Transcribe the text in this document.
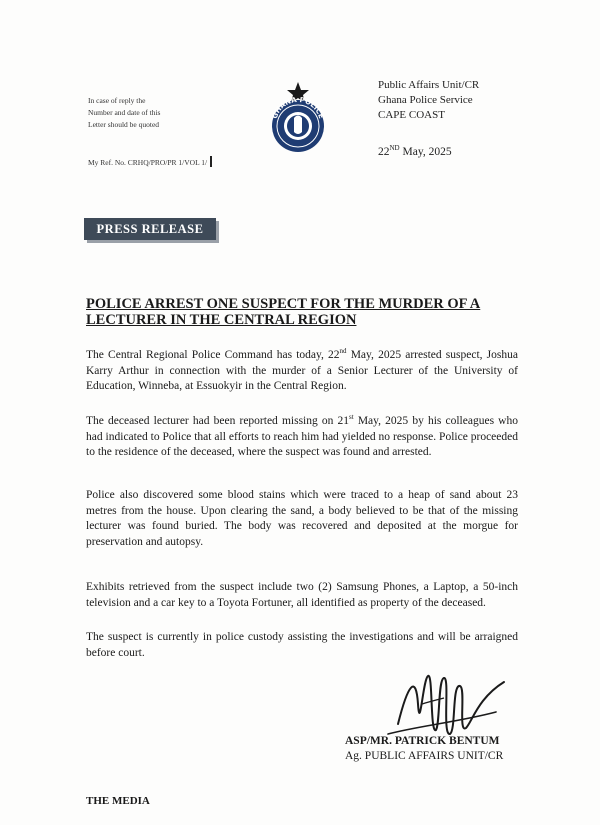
In case of reply the
Number and date of this
Letter should be quoted
My Ref. No. CRHQ/PRO/PR 1/VOL 1/
GHANA POLICE
Public Affairs Unit/CR
Ghana Police Service
CAPE COAST
22ND May, 2025
PRESS RELEASE
POLICE ARREST ONE SUSPECT FOR THE MURDER OF A LECTURER IN THE CENTRAL REGION
The Central Regional Police Command has today, 22nd May, 2025 arrested suspect, Joshua Karry Arthur in connection with the murder of a Senior Lecturer of the University of Education, Winneba, at Essuokyir in the Central Region.
The deceased lecturer had been reported missing on 21st May, 2025 by his colleagues who had indicated to Police that all efforts to reach him had yielded no response. Police proceeded to the residence of the deceased, where the suspect was found and arrested.
Police also discovered some blood stains which were traced to a heap of sand about 23 metres from the house. Upon clearing the sand, a body believed to be that of the missing lecturer was found buried. The body was recovered and deposited at the morgue for preservation and autopsy.
Exhibits retrieved from the suspect include two (2) Samsung Phones, a Laptop, a 50-inch television and a car key to a Toyota Fortuner, all identified as property of the deceased.
The suspect is currently in police custody assisting the investigations and will be arraigned before court.
ASP/MR. PATRICK BENTUM
Ag. PUBLIC AFFAIRS UNIT/CR
THE MEDIA
